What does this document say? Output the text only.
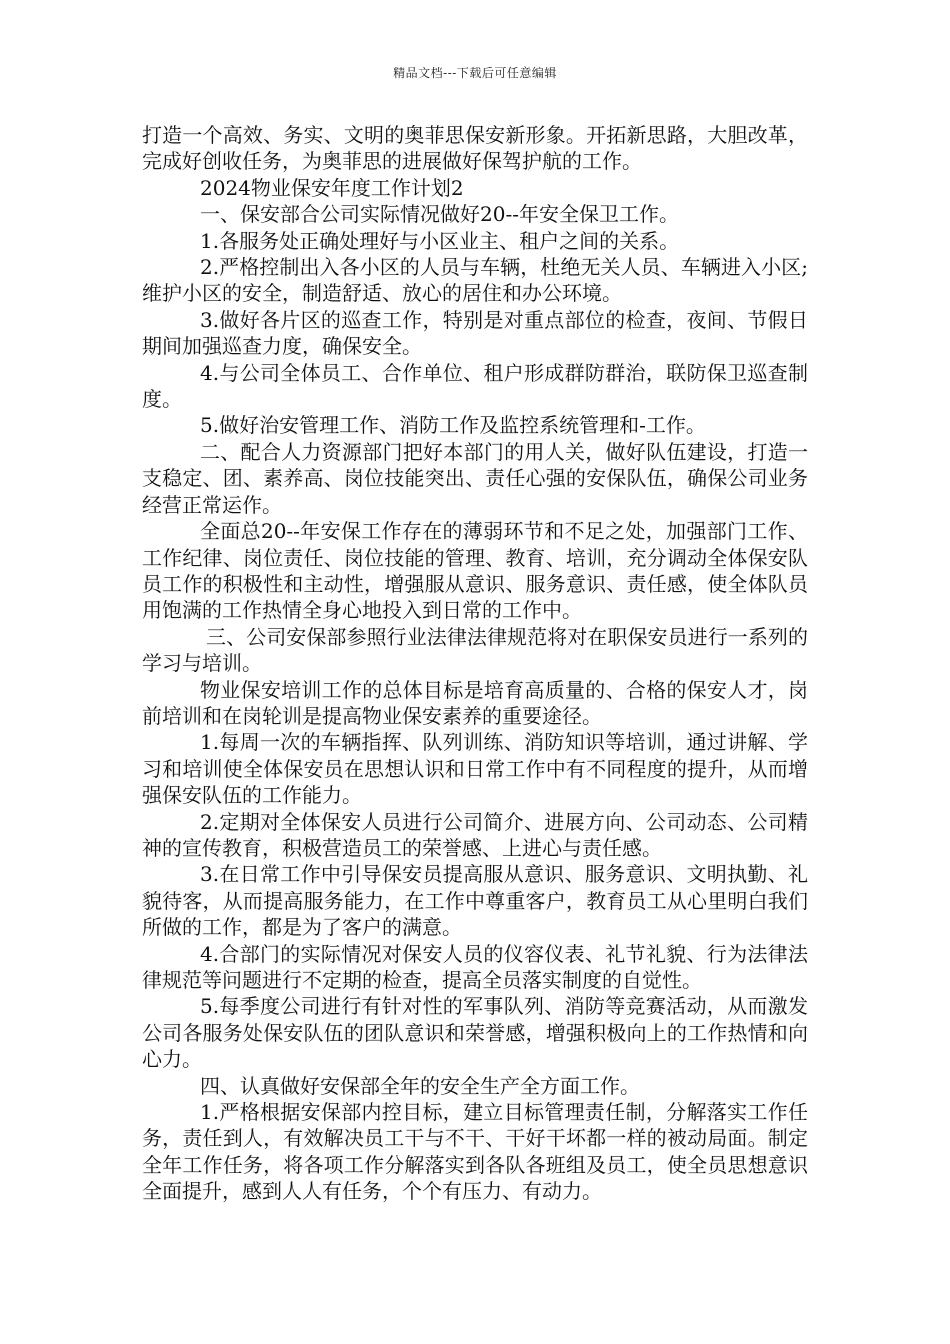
精品文档---下载后可任意编辑

打造一个高效、务实、文明的奥菲思保安新形象。开拓新思路，大胆改革，完成好创收任务，为奥菲思的进展做好保驾护航的工作。

2024物业保安年度工作计划2

一、保安部合公司实际情况做好20--年安全保卫工作。

1.各服务处正确处理好与小区业主、租户之间的关系。

2.严格控制出入各小区的人员与车辆，杜绝无关人员、车辆进入小区;维护小区的安全，制造舒适、放心的居住和办公环境。

3.做好各片区的巡查工作，特别是对重点部位的检查，夜间、节假日期间加强巡查力度，确保安全。

4.与公司全体员工、合作单位、租户形成群防群治，联防保卫巡查制度。

5.做好治安管理工作、消防工作及监控系统管理和-工作。

二、配合人力资源部门把好本部门的用人关，做好队伍建设，打造一支稳定、团、素养高、岗位技能突出、责任心强的安保队伍，确保公司业务经营正常运作。

全面总20--年安保工作存在的薄弱环节和不足之处，加强部门工作、工作纪律、岗位责任、岗位技能的管理、教育、培训，充分调动全体保安队员工作的积极性和主动性，增强服从意识、服务意识、责任感，使全体队员用饱满的工作热情全身心地投入到日常的工作中。

三、公司安保部参照行业法律法律规范将对在职保安员进行一系列的学习与培训。

物业保安培训工作的总体目标是培育高质量的、合格的保安人才，岗前培训和在岗轮训是提高物业保安素养的重要途径。

1.每周一次的车辆指挥、队列训练、消防知识等培训，通过讲解、学习和培训使全体保安员在思想认识和日常工作中有不同程度的提升，从而增强保安队伍的工作能力。

2.定期对全体保安人员进行公司简介、进展方向、公司动态、公司精神的宣传教育，积极营造员工的荣誉感、上进心与责任感。

3.在日常工作中引导保安员提高服从意识、服务意识、文明执勤、礼貌待客，从而提高服务能力，在工作中尊重客户，教育员工从心里明白我们所做的工作，都是为了客户的满意。

4.合部门的实际情况对保安人员的仪容仪表、礼节礼貌、行为法律法律规范等问题进行不定期的检查，提高全员落实制度的自觉性。

5.每季度公司进行有针对性的军事队列、消防等竞赛活动，从而激发公司各服务处保安队伍的团队意识和荣誉感，增强积极向上的工作热情和向心力。

四、认真做好安保部全年的安全生产全方面工作。

1.严格根据安保部内控目标，建立目标管理责任制，分解落实工作任务，责任到人，有效解决员工干与不干、干好干坏都一样的被动局面。制定全年工作任务，将各项工作分解落实到各队各班组及员工，使全员思想意识全面提升，感到人人有任务，个个有压力、有动力。
